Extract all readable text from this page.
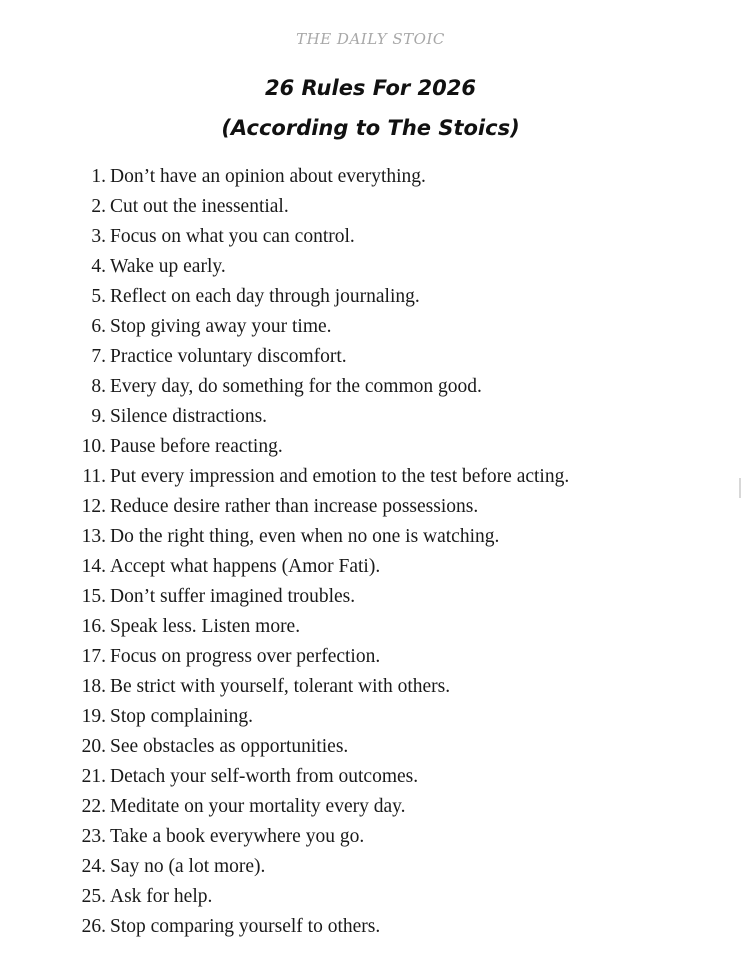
THE DAILY STOIC
26 Rules For 2026
(According to The Stoics)
1. Don’t have an opinion about everything.
2. Cut out the inessential.
3. Focus on what you can control.
4. Wake up early.
5. Reflect on each day through journaling.
6. Stop giving away your time.
7. Practice voluntary discomfort.
8. Every day, do something for the common good.
9. Silence distractions.
10. Pause before reacting.
11. Put every impression and emotion to the test before acting.
12. Reduce desire rather than increase possessions.
13. Do the right thing, even when no one is watching.
14. Accept what happens (Amor Fati).
15. Don’t suffer imagined troubles.
16. Speak less. Listen more.
17. Focus on progress over perfection.
18. Be strict with yourself, tolerant with others.
19. Stop complaining.
20. See obstacles as opportunities.
21. Detach your self-worth from outcomes.
22. Meditate on your mortality every day.
23. Take a book everywhere you go.
24. Say no (a lot more).
25. Ask for help.
26. Stop comparing yourself to others.
